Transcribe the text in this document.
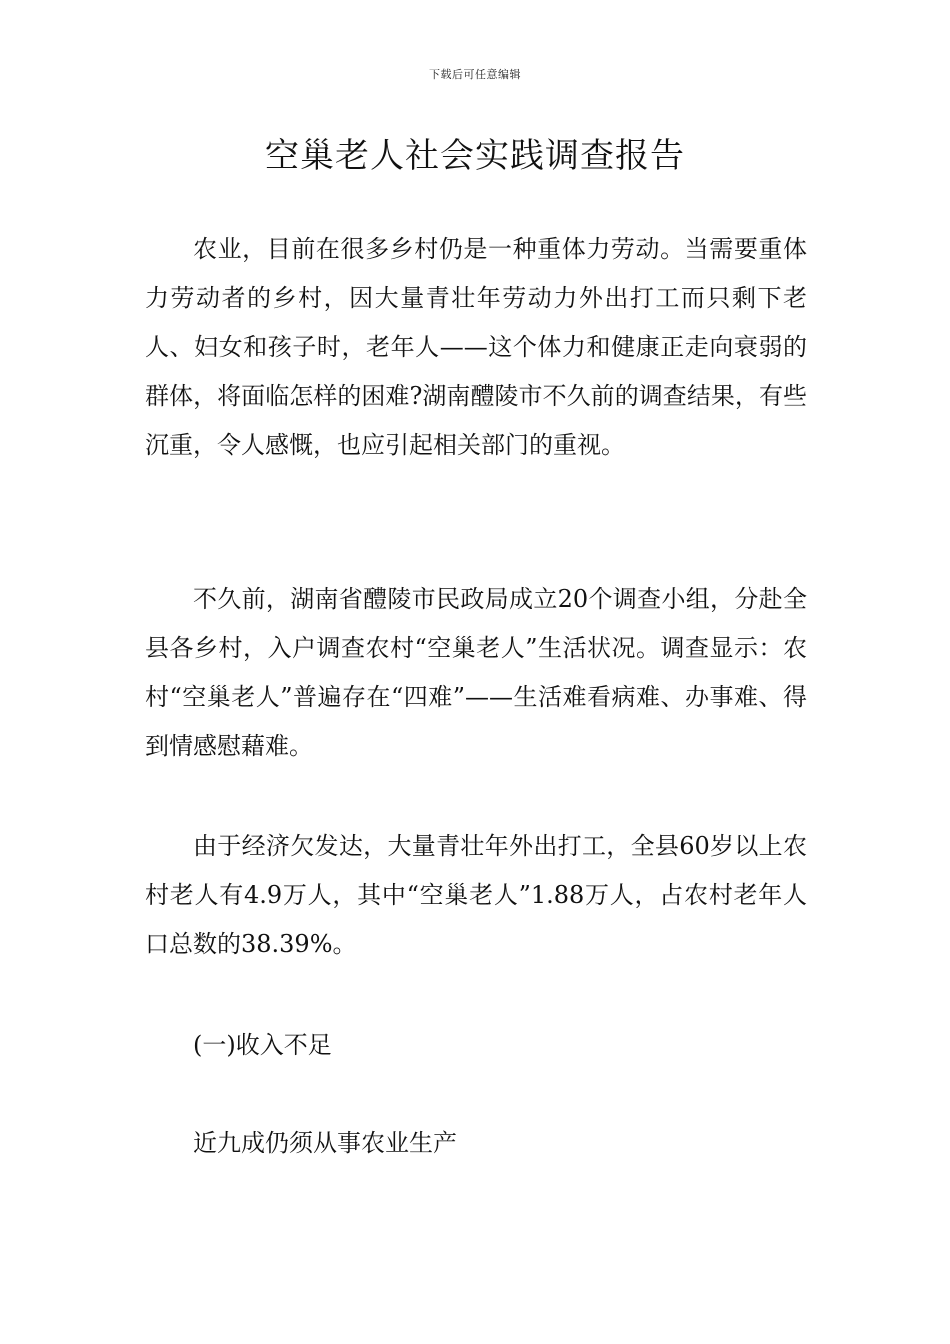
下载后可任意编辑
空巢老人社会实践调查报告

农业，目前在很多乡村仍是一种重体力劳动。当需要重体力劳动者的乡村，因大量青壮年劳动力外出打工而只剩下老人、妇女和孩子时，老年人——这个体力和健康正走向衰弱的群体，将面临怎样的困难?湖南醴陵市不久前的调查结果，有些沉重，令人感慨，也应引起相关部门的重视。

不久前，湖南省醴陵市民政局成立20个调查小组，分赴全县各乡村，入户调查农村“空巢老人”生活状况。调查显示：农村“空巢老人”普遍存在“四难”——生活难看病难、办事难、得到情感慰藉难。

由于经济欠发达，大量青壮年外出打工，全县60岁以上农村老人有4.9万人，其中“空巢老人”1.88万人，占农村老年人口总数的38.39%。

(一)收入不足

近九成仍须从事农业生产
